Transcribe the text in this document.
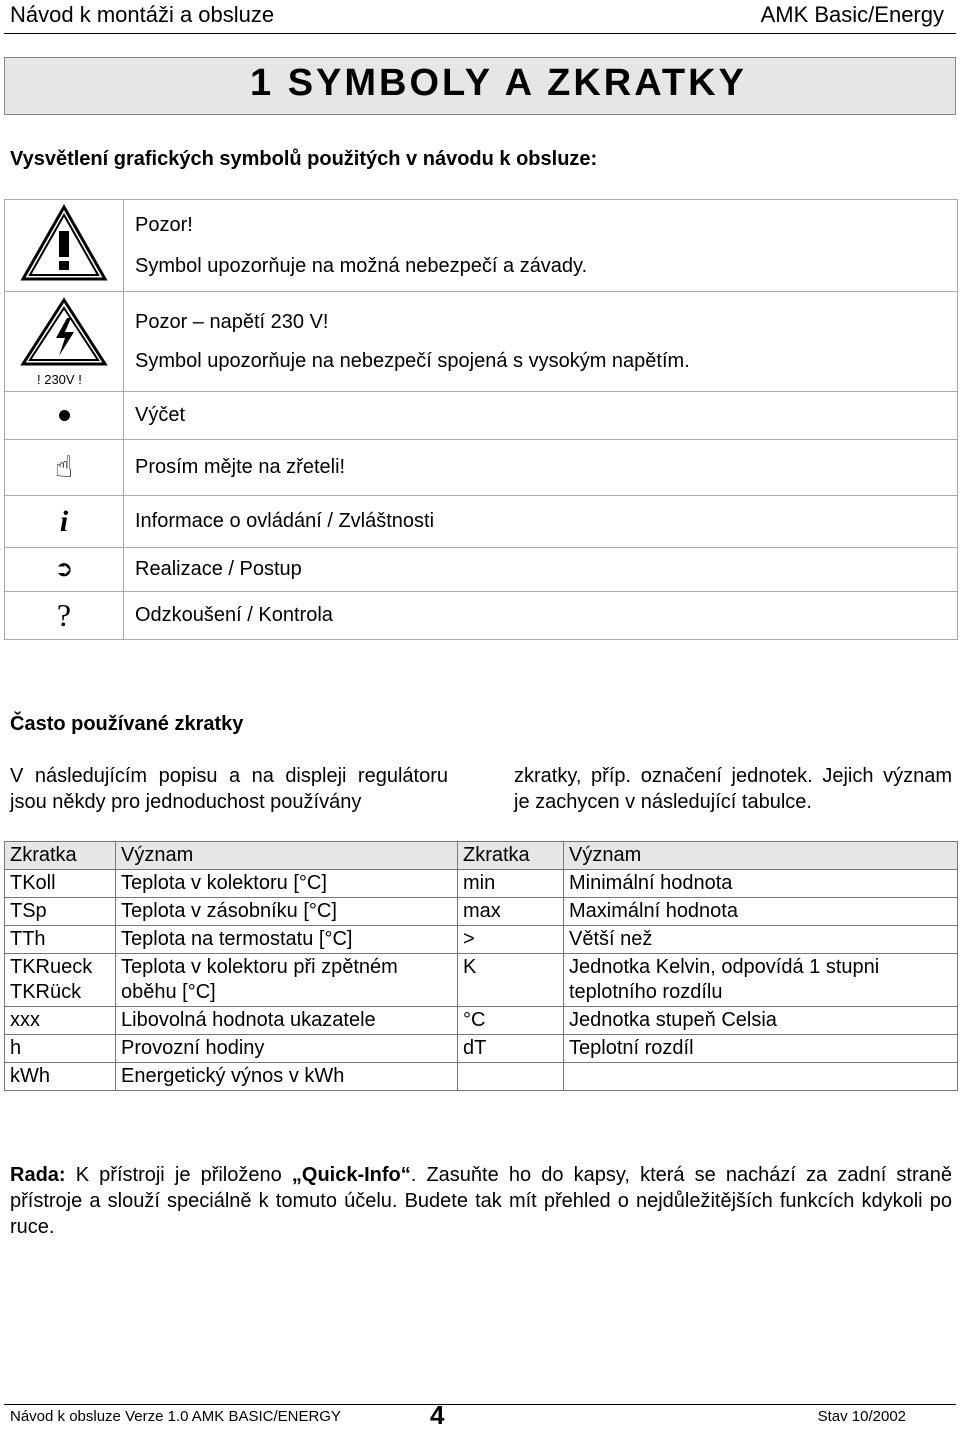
Návod k montáži a obsluze	AMK Basic/Energy
1 SYMBOLY A ZKRATKY
Vysvětlení grafických symbolů použitých v návodu k obsluze:

Pozor!
Symbol upozorňuje na možná nebezpečí a závady.

! 230V !	Pozor – napětí 230 V!
Symbol upozorňuje na nebezpečí spojená s vysokým napětím.

	Výčet
☝	Prosím mějte na zřeteli!
i	Informace o ovládání / Zvláštnosti
➲	Realizace / Postup
?	Odzkoušení / Kontrola
Často používané zkratky
V následujícím popisu a na displeji regulátoru jsou někdy pro jednoduchost používány
zkratky, příp. označení jednotek. Jejich význam je zachycen v následující tabulce.
Zkratka	Význam	Zkratka	Význam
TKoll	Teplota v kolektoru [°C]	min	Minimální hodnota
TSp	Teplota v zásobníku [°C]	max	Maximální hodnota
TTh	Teplota na termostatu [°C]	>	Větší než
TKRueck
TKRück	Teplota v kolektoru při zpětném oběhu [°C]	K	Jednotka Kelvin, odpovídá 1 stupni teplotního rozdílu
xxx	Libovolná hodnota ukazatele	°C	Jednotka stupeň Celsia
h	Provozní hodiny	dT	Teplotní rozdíl
kWh	Energetický výnos v kWh		
Rada: K přístroji je přiloženo „Quick-Info“. Zasuňte ho do kapsy, která se nachází za zadní straně přístroje a slouží speciálně k tomuto účelu. Budete tak mít přehled o nejdůležitějších funkcích kdykoli po ruce.
Návod k obsluze Verze 1.0 AMK BASIC/ENERGY	4	Stav 10/2002
